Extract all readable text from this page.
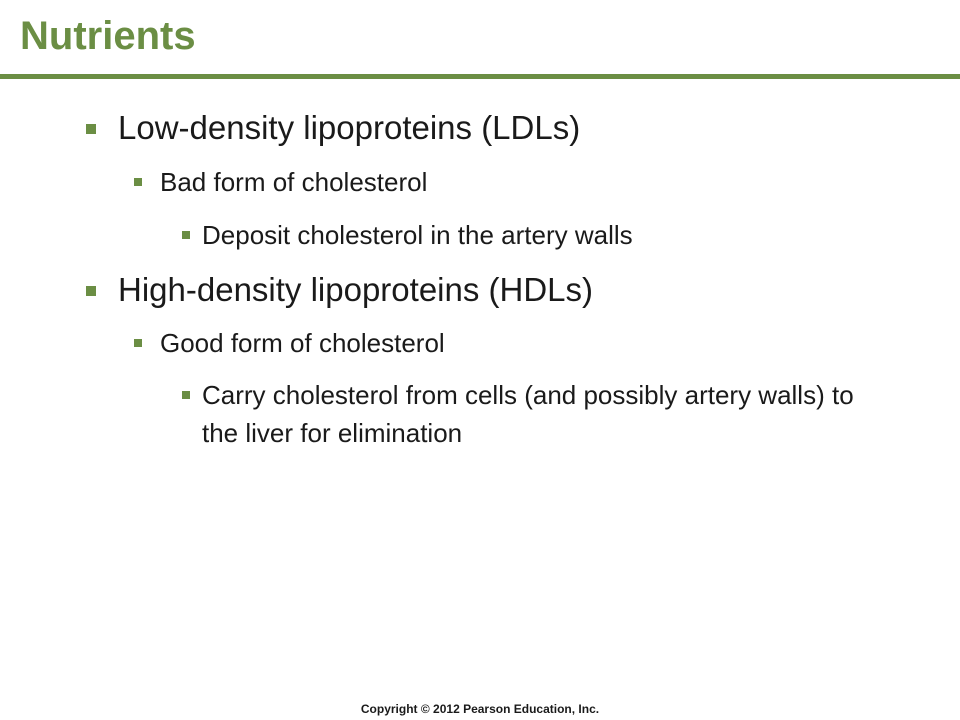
Nutrients
Low-density lipoproteins (LDLs)
Bad form of cholesterol
Deposit cholesterol in the artery walls
High-density lipoproteins (HDLs)
Good form of cholesterol
Carry cholesterol from cells (and possibly artery walls) to the liver for elimination
Copyright © 2012 Pearson Education, Inc.
